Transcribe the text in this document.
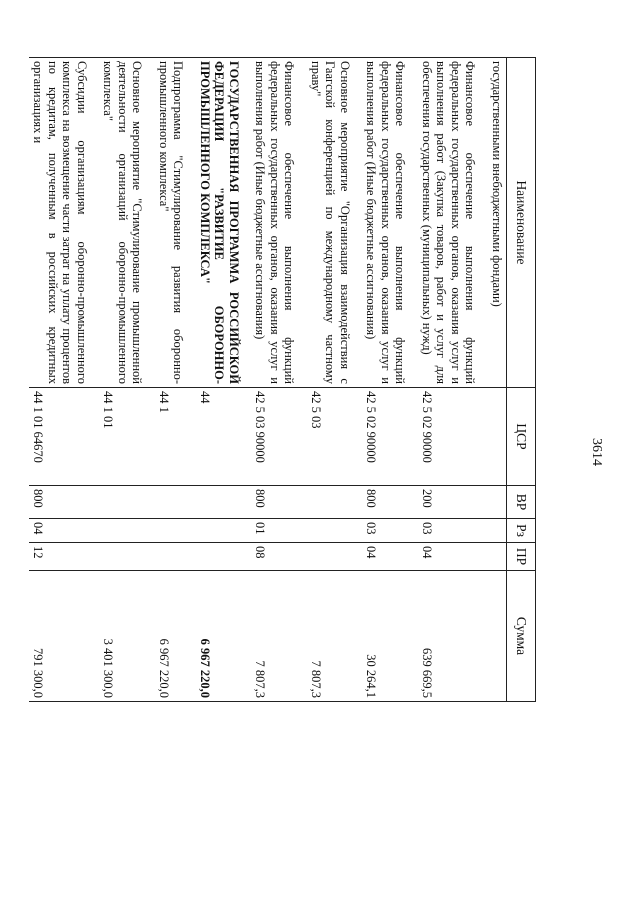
3614
Наименование	ЦСР	ВР	Рз	ПР	Сумма
государственными внебюджетными фондами)					
Финансовое обеспечение выполнения функций федеральных государственных органов, оказания услуг и выполнения работ (Закупка товаров, работ и услуг для обеспечения государственных (муниципальных) нужд)	42 5 02 90000	200	03	04	639 669,5
Финансовое обеспечение выполнения функций федеральных государственных органов, оказания услуг и выполнения работ (Иные бюджетные ассигнования)	42 5 02 90000	800	03	04	30 264,1
Основное мероприятие "Организация взаимодействия с Гаагской конференцией по международному частному праву"	42 5 03				7 807,3
Финансовое обеспечение выполнения функций федеральных государственных органов, оказания услуг и выполнения работ (Иные бюджетные ассигнования)	42 5 03 90000	800	01	08	7 807,3
ГОСУДАРСТВЕННАЯ ПРОГРАММА РОССИЙСКОЙ ФЕДЕРАЦИИ "РАЗВИТИЕ ОБОРОННО-ПРОМЫШЛЕННОГО КОМПЛЕКСА"	44				6 967 220,0
Подпрограмма "Стимулирование развития оборонно-промышленного комплекса"	44 1				6 967 220,0
Основное мероприятие "Стимулирование промышленной деятельности организаций оборонно-промышленного комплекса"	44 1 01				3 401 300,0
Субсидии организациям оборонно-промышленного комплекса на возмещение части затрат на уплату процентов по кредитам, полученным в российских кредитных организациях и	44 1 01 64670	800	04	12	791 300,0
